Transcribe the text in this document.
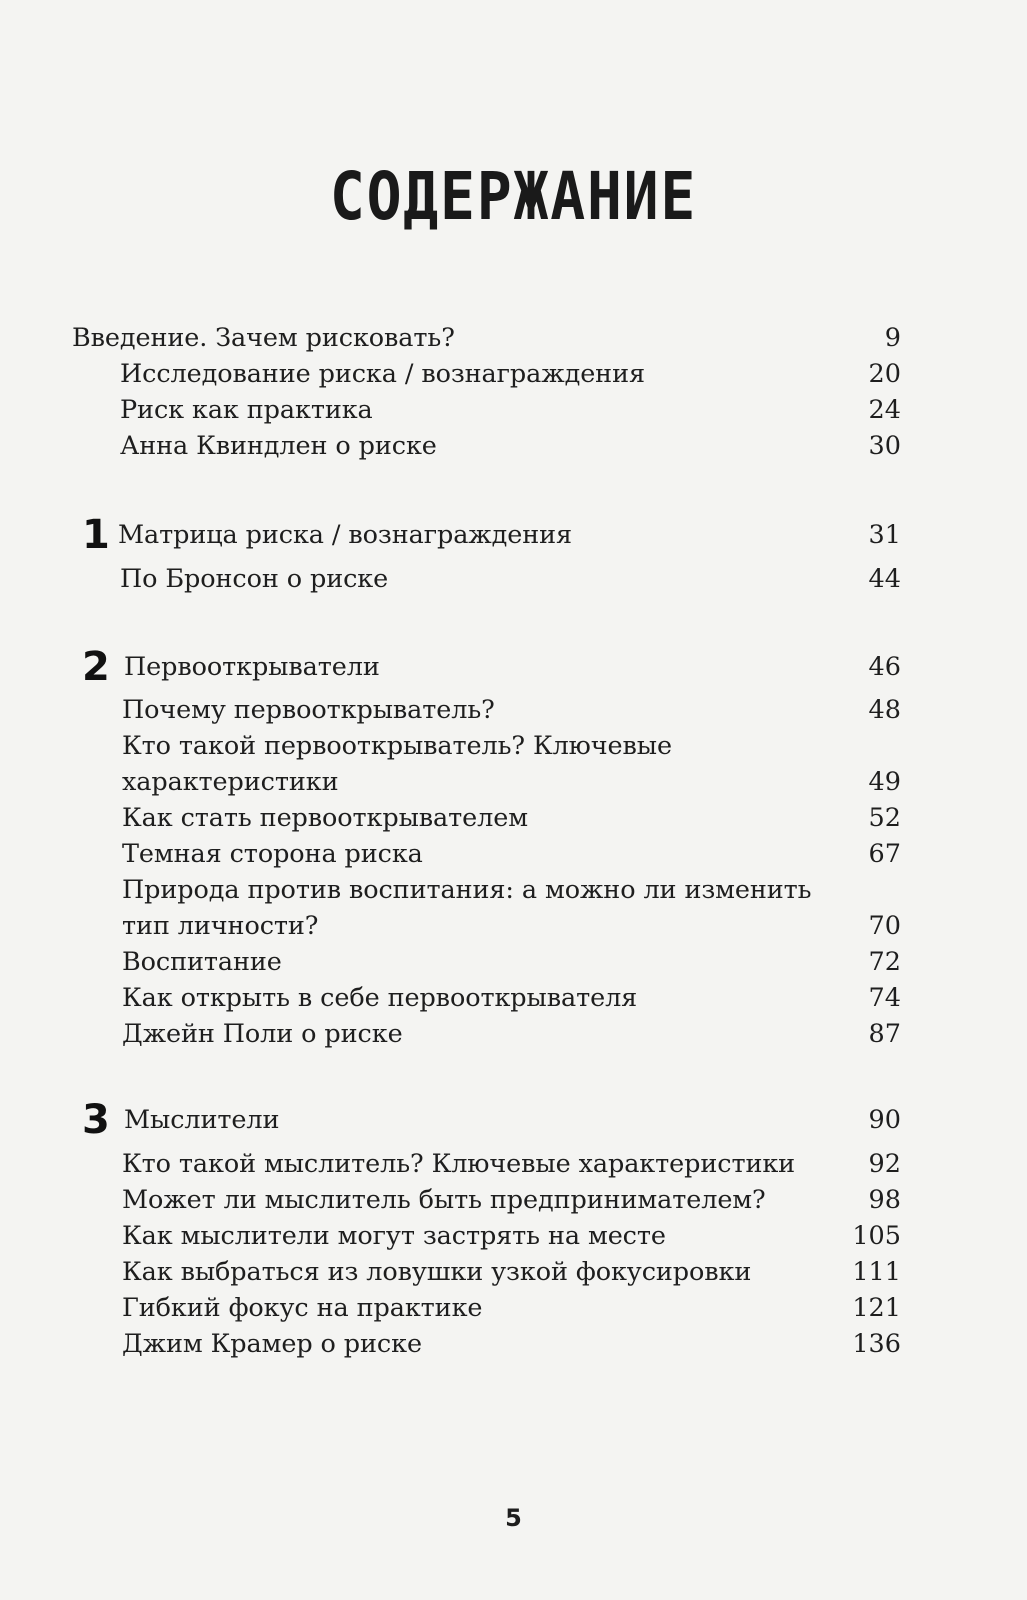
СОДЕРЖАНИЕ
Введение. Зачем рисковать?	9
Исследование риска / вознаграждения	20
Риск как практика	24
Анна Квиндлен о риске	30
1 Матрица риска / вознаграждения	31
По Бронсон о риске	44
2 Первооткрыватели	46
Почему первооткрыватель?	48
Кто такой первооткрыватель? Ключевые
характеристики	49
Как стать первооткрывателем	52
Темная сторона риска	67
Природа против воспитания: а можно ли изменить
тип личности?	70
Воспитание	72
Как открыть в себе первооткрывателя	74
Джейн Поли о риске	87
3 Мыслители	90
Кто такой мыслитель? Ключевые характеристики	92
Может ли мыслитель быть предпринимателем?	98
Как мыслители могут застрять на месте	105
Как выбраться из ловушки узкой фокусировки	111
Гибкий фокус на практике	121
Джим Крамер о риске	136
5
